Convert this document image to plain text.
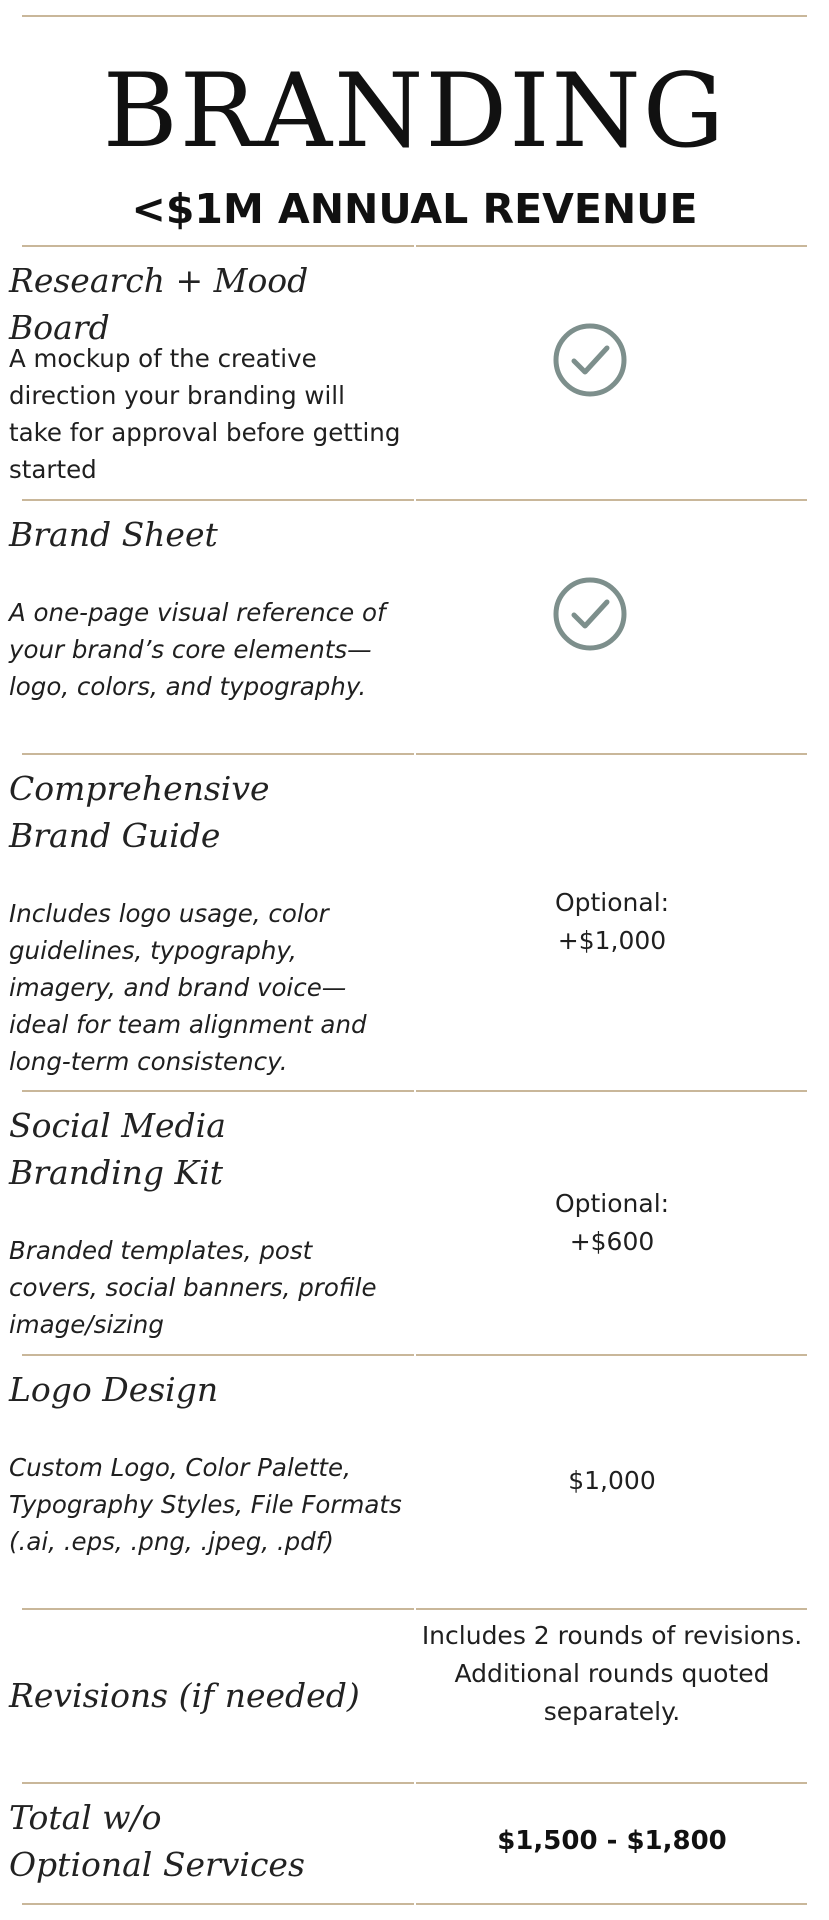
BRANDING
<$1M ANNUAL REVENUE
Research + Mood Board
A mockup of the creative direction your branding will take for approval before getting started
Brand Sheet
A one-page visual reference of your brand’s core elements—logo, colors, and typography.
Comprehensive Brand Guide
Includes logo usage, color guidelines, typography, imagery, and brand voice—ideal for team alignment and long-term consistency.
Optional:
+$1,000
Social Media Branding Kit
Branded templates, post covers, social banners, profile image/sizing
Optional:
+$600
Logo Design
Custom Logo, Color Palette, Typography Styles, File Formats (.ai, .eps, .png, .jpeg, .pdf)
$1,000
Revisions (if needed)
Includes 2 rounds of revisions.
Additional rounds quoted separately.
Total w/o Optional Services
$1,500 - $1,800
